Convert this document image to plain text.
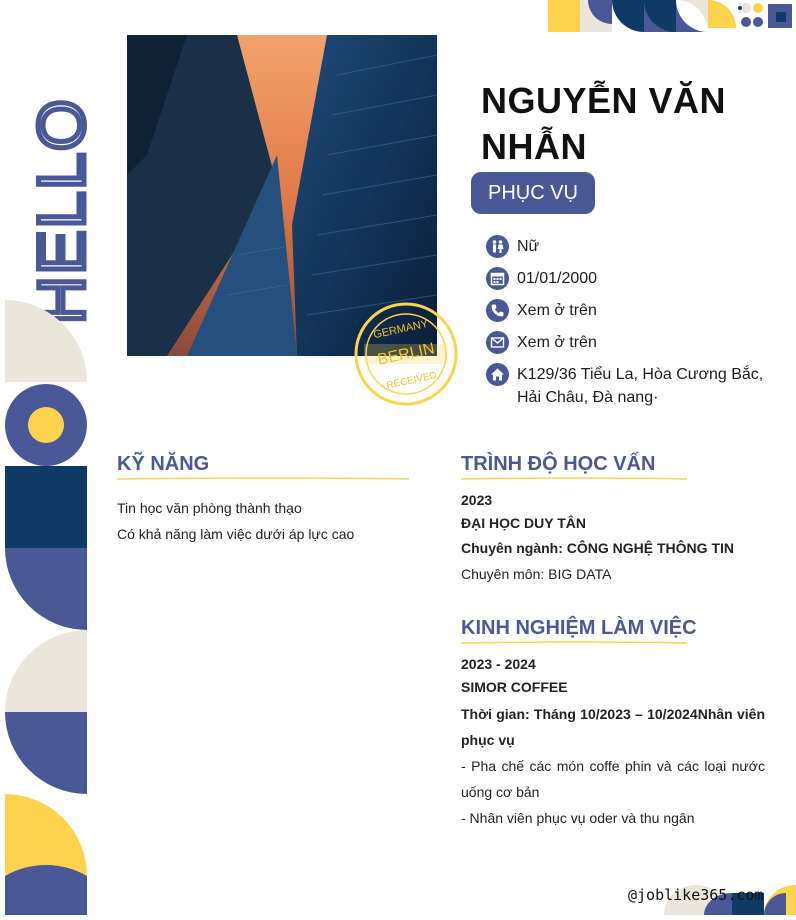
HELLO
GERMANY
BERLIN
RECEIVED
NGUYỄN VĂN
NHẪN
PHỤC VỤ
Nữ
01/01/2000
Xem ở trên
Xem ở trên
K129/36 Tiểu La, Hòa Cương Bắc,
Hải Châu, Đà nang·
KỸ NĂNG
Tin học văn phòng thành thạo
Có khả năng làm việc dưới áp lực cao
TRÌNH ĐỘ HỌC VẤN
2023
ĐẠI HỌC DUY TÂN
Chuyên ngành: CÔNG NGHỆ THÔNG TIN
Chuyên môn: BIG DATA
KINH NGHIỆM LÀM VIỆC
2023 - 2024
SIMOR COFFEE
Thời gian: Tháng 10/2023 – 10/2024Nhân viên
phục vụ
- Pha chế các món coffe phin và các loại nước
uống cơ bản
- Nhân viên phục vụ oder và thu ngân
@joblike365.com
